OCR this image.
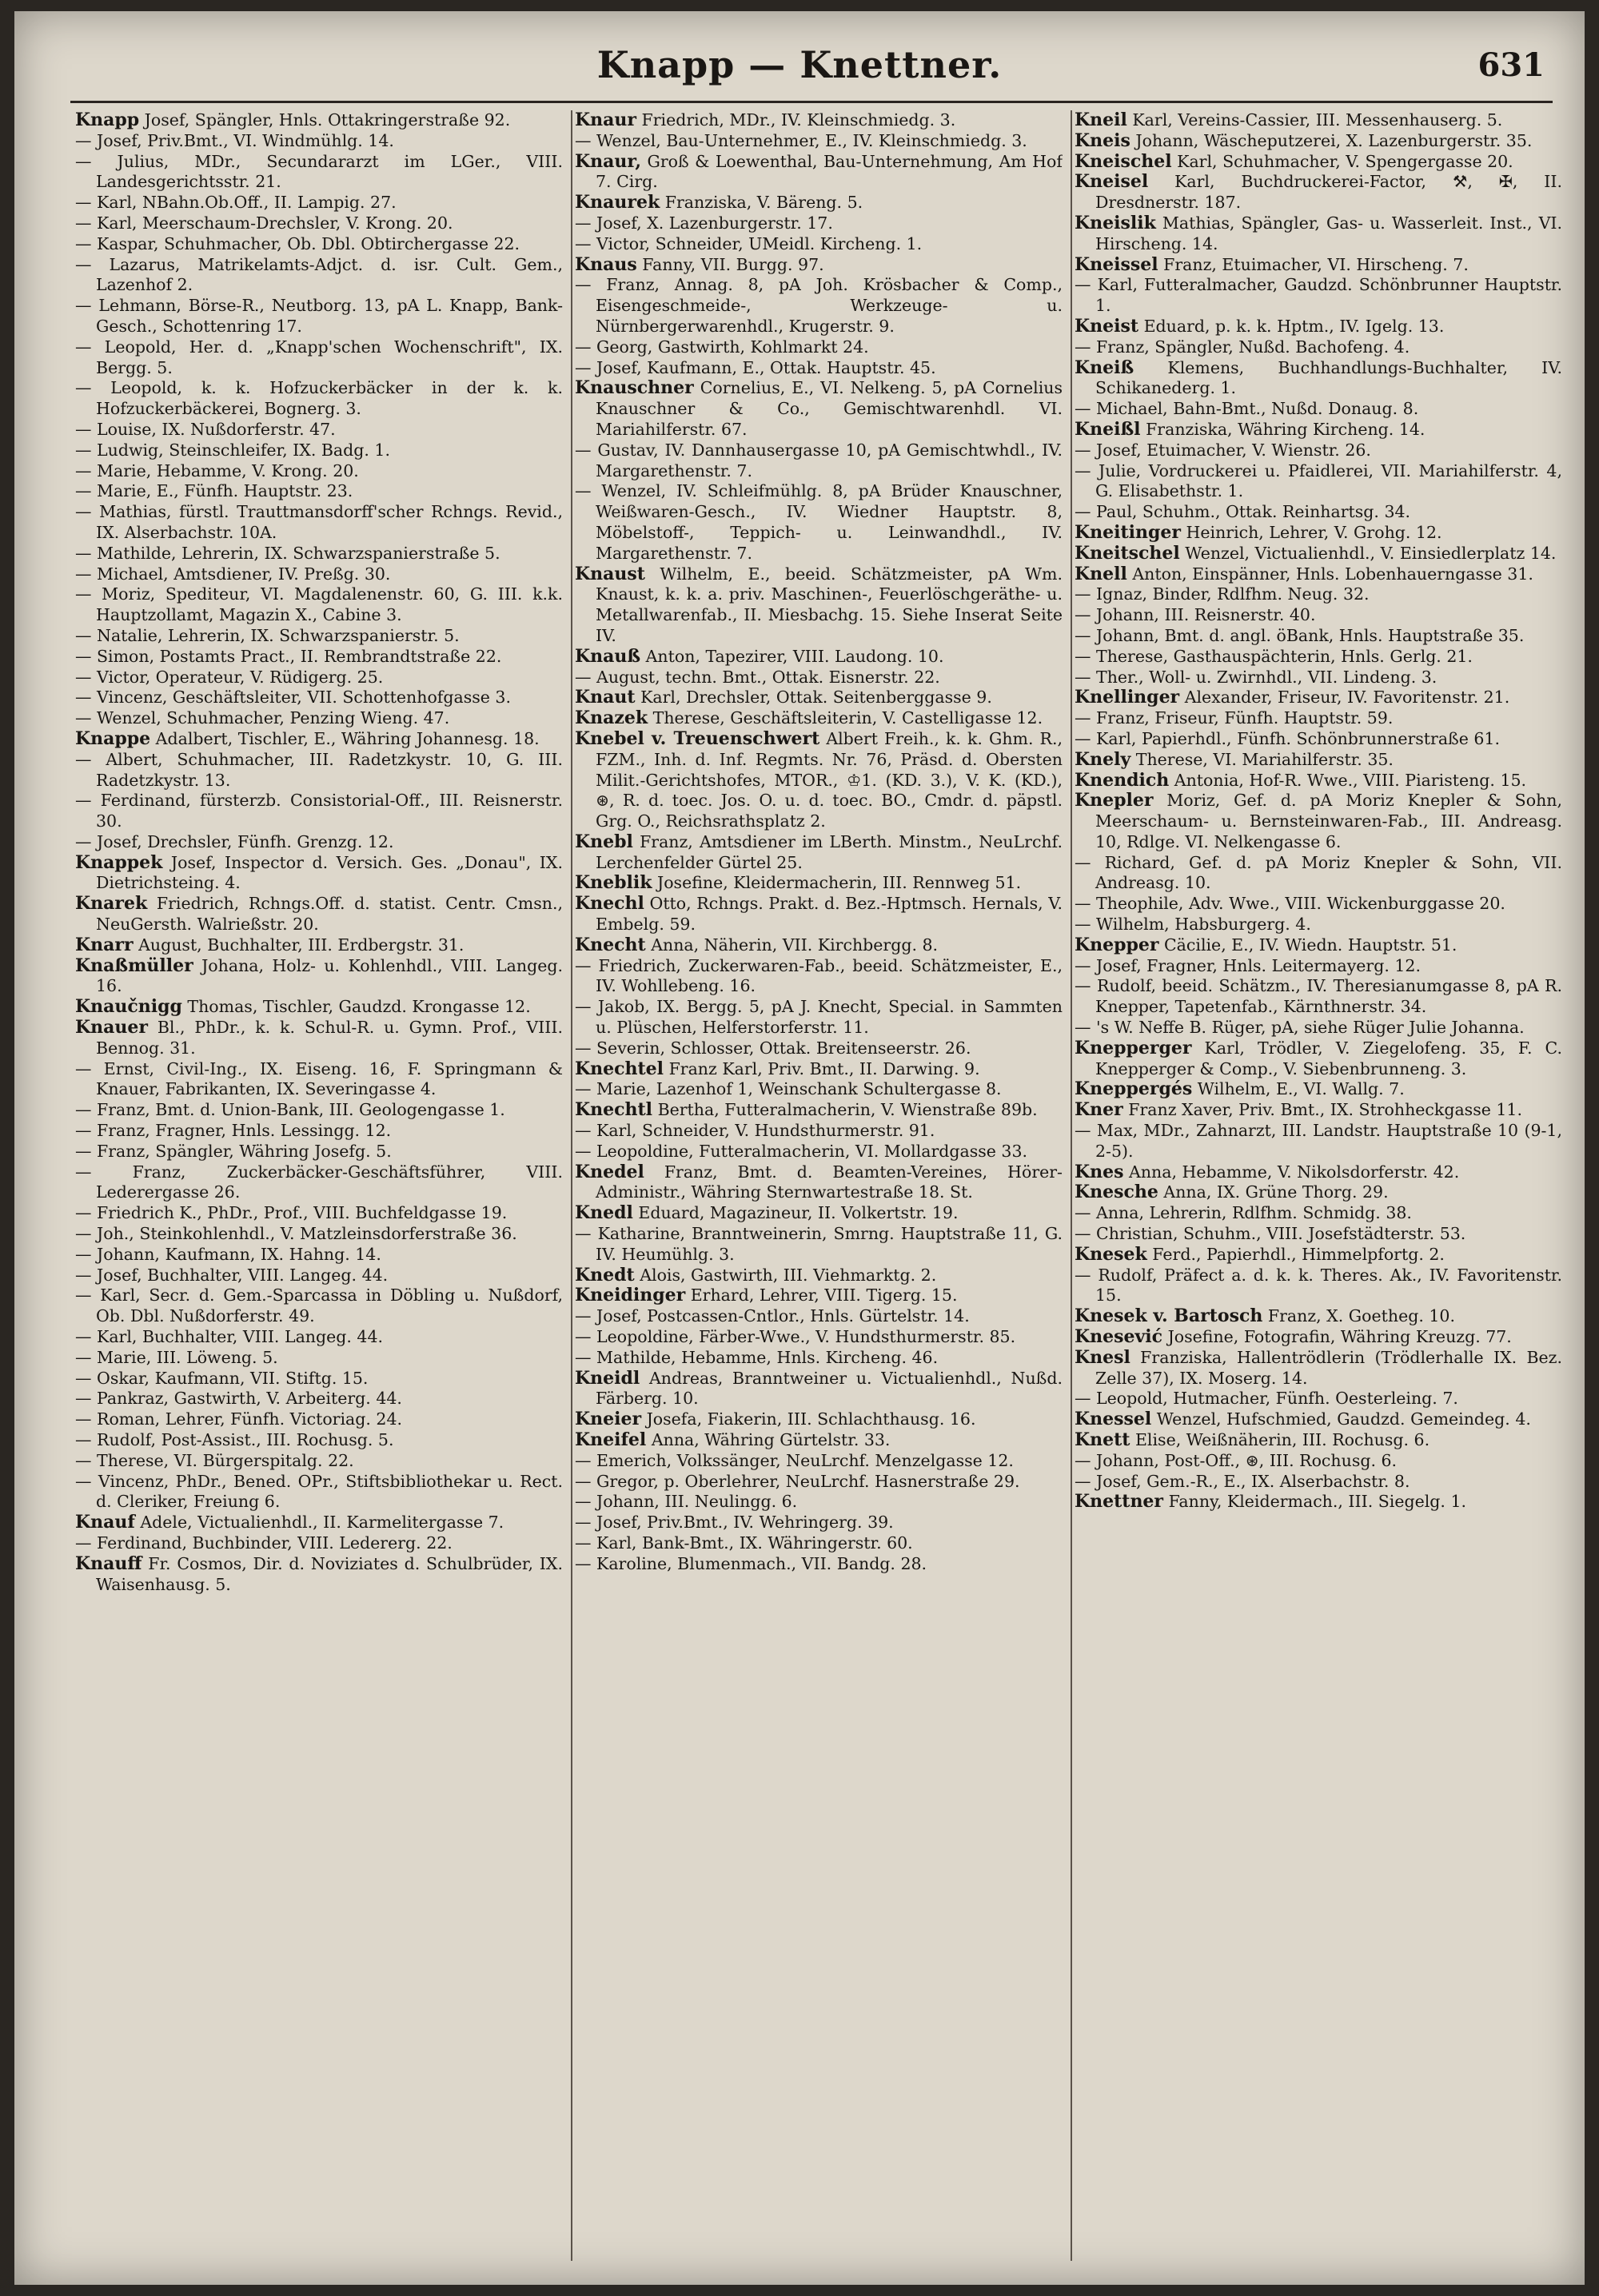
Knapp — Knettner.	631

Knapp Josef, Spängler, Hnls. Ottakringerstraße 92.

— Josef, Priv.Bmt., VI. Windmühlg. 14.

— Julius, MDr., Secundararzt im LGer., VIII. Landesgerichtsstr. 21.

— Karl, NBahn.Ob.Off., II. Lampig. 27.

— Karl, Meerschaum-Drechsler, V. Krong. 20.

— Kaspar, Schuhmacher, Ob. Dbl. Obtirchergasse 22.

— Lazarus, Matrikelamts-Adjct. d. isr. Cult. Gem., Lazenhof 2.

— Lehmann, Börse-R., Neutborg. 13, pA L. Knapp, Bank-Gesch., Schottenring 17.

— Leopold, Her. d. „Knapp'schen Wochenschrift", IX. Bergg. 5.

— Leopold, k. k. Hofzuckerbäcker in der k. k. Hofzuckerbäckerei, Bognerg. 3.

— Louise, IX. Nußdorferstr. 47.

— Ludwig, Steinschleifer, IX. Badg. 1.

— Marie, Hebamme, V. Krong. 20.

— Marie, E., Fünfh. Hauptstr. 23.

— Mathias, fürstl. Trauttmansdorff'scher Rchngs. Revid., IX. Alserbachstr. 10A.

— Mathilde, Lehrerin, IX. Schwarzspanierstraße 5.

— Michael, Amtsdiener, IV. Preßg. 30.

— Moriz, Spediteur, VI. Magdalenenstr. 60, G. III. k.k. Hauptzollamt, Magazin X., Cabine 3.

— Natalie, Lehrerin, IX. Schwarzspanierstr. 5.

— Simon, Postamts Pract., II. Rembrandtstraße 22.

— Victor, Operateur, V. Rüdigerg. 25.

— Vincenz, Geschäftsleiter, VII. Schottenhofgasse 3.

— Wenzel, Schuhmacher, Penzing Wieng. 47.

Knappe Adalbert, Tischler, E., Währing Johannesg. 18.

— Albert, Schuhmacher, III. Radetzkystr. 10, G. III. Radetzkystr. 13.

— Ferdinand, fürsterzb. Consistorial-Off., III. Reisnerstr. 30.

— Josef, Drechsler, Fünfh. Grenzg. 12.

Knappek Josef, Inspector d. Versich. Ges. „Donau", IX. Dietrichsteing. 4.

Knarek Friedrich, Rchngs.Off. d. statist. Centr. Cmsn., NeuGersth. Walrießstr. 20.

Knarr August, Buchhalter, III. Erdbergstr. 31.

Knaßmüller Johana, Holz- u. Kohlenhdl., VIII. Langeg. 16.

Knaučnigg Thomas, Tischler, Gaudzd. Krongasse 12.

Knauer Bl., PhDr., k. k. Schul-R. u. Gymn. Prof., VIII. Bennog. 31.

— Ernst, Civil-Ing., IX. Eiseng. 16, F. Springmann & Knauer, Fabrikanten, IX. Severingasse 4.

— Franz, Bmt. d. Union-Bank, III. Geologengasse 1.

— Franz, Fragner, Hnls. Lessingg. 12.

— Franz, Spängler, Währing Josefg. 5.

— Franz, Zuckerbäcker-Geschäftsführer, VIII. Lederergasse 26.

— Friedrich K., PhDr., Prof., VIII. Buchfeldgasse 19.

— Joh., Steinkohlenhdl., V. Matzleinsdorferstraße 36.

— Johann, Kaufmann, IX. Hahng. 14.

— Josef, Buchhalter, VIII. Langeg. 44.

— Karl, Secr. d. Gem.-Sparcassa in Döbling u. Nußdorf, Ob. Dbl. Nußdorferstr. 49.

— Karl, Buchhalter, VIII. Langeg. 44.

— Marie, III. Löweng. 5.

— Oskar, Kaufmann, VII. Stiftg. 15.

— Pankraz, Gastwirth, V. Arbeiterg. 44.

— Roman, Lehrer, Fünfh. Victoriag. 24.

— Rudolf, Post-Assist., III. Rochusg. 5.

— Therese, VI. Bürgerspitalg. 22.

— Vincenz, PhDr., Bened. OPr., Stiftsbibliothekar u. Rect. d. Cleriker, Freiung 6.

Knauf Adele, Victualienhdl., II. Karmelitergasse 7.

— Ferdinand, Buchbinder, VIII. Ledererg. 22.

Knauff Fr. Cosmos, Dir. d. Noviziates d. Schulbrüder, IX. Waisenhausg. 5.

Knaur Friedrich, MDr., IV. Kleinschmiedg. 3.

— Wenzel, Bau-Unternehmer, E., IV. Kleinschmiedg. 3.

Knaur, Groß & Loewenthal, Bau-Unternehmung, Am Hof 7. Cirg.

Knaurek Franziska, V. Bäreng. 5.

— Josef, X. Lazenburgerstr. 17.

— Victor, Schneider, UMeidl. Kircheng. 1.

Knaus Fanny, VII. Burgg. 97.

— Franz, Annag. 8, pA Joh. Krösbacher & Comp., Eisengeschmeide-, Werkzeuge- u. Nürnbergerwarenhdl., Krugerstr. 9.

— Georg, Gastwirth, Kohlmarkt 24.

— Josef, Kaufmann, E., Ottak. Hauptstr. 45.

Knauschner Cornelius, E., VI. Nelkeng. 5, pA Cornelius Knauschner & Co., Gemischtwarenhdl. VI. Mariahilferstr. 67.

— Gustav, IV. Dannhausergasse 10, pA Gemischtwhdl., IV. Margarethenstr. 7.

— Wenzel, IV. Schleifmühlg. 8, pA Brüder Knauschner, Weißwaren-Gesch., IV. Wiedner Hauptstr. 8, Möbelstoff-, Teppich- u. Leinwandhdl., IV. Margarethenstr. 7.

Knaust Wilhelm, E., beeid. Schätzmeister, pA Wm. Knaust, k. k. a. priv. Maschinen-, Feuerlöschgeräthe- u. Metallwarenfab., II. Miesbachg. 15. Siehe Inserat Seite IV.

Knauß Anton, Tapezirer, VIII. Laudong. 10.

— August, techn. Bmt., Ottak. Eisnerstr. 22.

Knaut Karl, Drechsler, Ottak. Seitenberggasse 9.

Knazek Therese, Geschäftsleiterin, V. Castelligasse 12.

Knebel v. Treuenschwert Albert Freih., k. k. Ghm. R., FZM., Inh. d. Inf. Regmts. Nr. 76, Präsd. d. Obersten Milit.-Gerichtshofes, MTOR., ♔1. (KD. 3.), V. K. (KD.), ⊛, R. d. toec. Jos. O. u. d. toec. BO., Cmdr. d. päpstl. Grg. O., Reichsrathsplatz 2.

Knebl Franz, Amtsdiener im LBerth. Minstm., NeuLrchf. Lerchenfelder Gürtel 25.

Kneblik Josefine, Kleidermacherin, III. Rennweg 51.

Knechl Otto, Rchngs. Prakt. d. Bez.-Hptmsch. Hernals, V. Embelg. 59.

Knecht Anna, Näherin, VII. Kirchbergg. 8.

— Friedrich, Zuckerwaren-Fab., beeid. Schätzmeister, E., IV. Wohllebeng. 16.

— Jakob, IX. Bergg. 5, pA J. Knecht, Special. in Sammten u. Plüschen, Helferstorferstr. 11.

— Severin, Schlosser, Ottak. Breitenseerstr. 26.

Knechtel Franz Karl, Priv. Bmt., II. Darwing. 9.

— Marie, Lazenhof 1, Weinschank Schultergasse 8.

Knechtl Bertha, Futteralmacherin, V. Wienstraße 89b.

— Karl, Schneider, V. Hundsthurmerstr. 91.

— Leopoldine, Futteralmacherin, VI. Mollardgasse 33.

Knedel Franz, Bmt. d. Beamten-Vereines, Hörer-Administr., Währing Sternwartestraße 18. St.

Knedl Eduard, Magazineur, II. Volkertstr. 19.

— Katharine, Branntweinerin, Smrng. Hauptstraße 11, G. IV. Heumühlg. 3.

Knedt Alois, Gastwirth, III. Viehmarktg. 2.

Kneidinger Erhard, Lehrer, VIII. Tigerg. 15.

— Josef, Postcassen-Cntlor., Hnls. Gürtelstr. 14.

— Leopoldine, Färber-Wwe., V. Hundsthurmerstr. 85.

— Mathilde, Hebamme, Hnls. Kircheng. 46.

Kneidl Andreas, Branntweiner u. Victualienhdl., Nußd. Färberg. 10.

Kneier Josefa, Fiakerin, III. Schlachthausg. 16.

Kneifel Anna, Währing Gürtelstr. 33.

— Emerich, Volkssänger, NeuLrchf. Menzelgasse 12.

— Gregor, p. Oberlehrer, NeuLrchf. Hasnerstraße 29.

— Johann, III. Neulingg. 6.

— Josef, Priv.Bmt., IV. Wehringerg. 39.

— Karl, Bank-Bmt., IX. Währingerstr. 60.

— Karoline, Blumenmach., VII. Bandg. 28.

Kneil Karl, Vereins-Cassier, III. Messenhauserg. 5.

Kneis Johann, Wäscheputzerei, X. Lazenburgerstr. 35.

Kneischel Karl, Schuhmacher, V. Spengergasse 20.

Kneisel Karl, Buchdruckerei-Factor, ⚒, ✠, II. Dresdnerstr. 187.

Kneislik Mathias, Spängler, Gas- u. Wasserleit. Inst., VI. Hirscheng. 14.

Kneissel Franz, Etuimacher, VI. Hirscheng. 7.

— Karl, Futteralmacher, Gaudzd. Schönbrunner Hauptstr. 1.

Kneist Eduard, p. k. k. Hptm., IV. Igelg. 13.

— Franz, Spängler, Nußd. Bachofeng. 4.

Kneiß Klemens, Buchhandlungs-Buchhalter, IV. Schikanederg. 1.

— Michael, Bahn-Bmt., Nußd. Donaug. 8.

Kneißl Franziska, Währing Kircheng. 14.

— Josef, Etuimacher, V. Wienstr. 26.

— Julie, Vordruckerei u. Pfaidlerei, VII. Mariahilferstr. 4, G. Elisabethstr. 1.

— Paul, Schuhm., Ottak. Reinhartsg. 34.

Kneitinger Heinrich, Lehrer, V. Grohg. 12.

Kneitschel Wenzel, Victualienhdl., V. Einsiedlerplatz 14.

Knell Anton, Einspänner, Hnls. Lobenhauerngasse 31.

— Ignaz, Binder, Rdlfhm. Neug. 32.

— Johann, III. Reisnerstr. 40.

— Johann, Bmt. d. angl. öBank, Hnls. Hauptstraße 35.

— Therese, Gasthauspächterin, Hnls. Gerlg. 21.

— Ther., Woll- u. Zwirnhdl., VII. Lindeng. 3.

Knellinger Alexander, Friseur, IV. Favoritenstr. 21.

— Franz, Friseur, Fünfh. Hauptstr. 59.

— Karl, Papierhdl., Fünfh. Schönbrunnerstraße 61.

Knely Therese, VI. Mariahilferstr. 35.

Knendich Antonia, Hof-R. Wwe., VIII. Piaristeng. 15.

Knepler Moriz, Gef. d. pA Moriz Knepler & Sohn, Meerschaum- u. Bernsteinwaren-Fab., III. Andreasg. 10, Rdlge. VI. Nelkengasse 6.

— Richard, Gef. d. pA Moriz Knepler & Sohn, VII. Andreasg. 10.

— Theophile, Adv. Wwe., VIII. Wickenburggasse 20.

— Wilhelm, Habsburgerg. 4.

Knepper Cäcilie, E., IV. Wiedn. Hauptstr. 51.

— Josef, Fragner, Hnls. Leitermayerg. 12.

— Rudolf, beeid. Schätzm., IV. Theresianumgasse 8, pA R. Knepper, Tapetenfab., Kärnthnerstr. 34.

— 's W. Neffe B. Rüger, pA, siehe Rüger Julie Johanna.

Knepperger Karl, Trödler, V. Ziegelofeng. 35, F. C. Knepperger & Comp., V. Siebenbrunneng. 3.

Kneppergés Wilhelm, E., VI. Wallg. 7.

Kner Franz Xaver, Priv. Bmt., IX. Strohheckgasse 11.

— Max, MDr., Zahnarzt, III. Landstr. Hauptstraße 10 (9-1, 2-5).

Knes Anna, Hebamme, V. Nikolsdorferstr. 42.

Knesche Anna, IX. Grüne Thorg. 29.

— Anna, Lehrerin, Rdlfhm. Schmidg. 38.

— Christian, Schuhm., VIII. Josefstädterstr. 53.

Knesek Ferd., Papierhdl., Himmelpfortg. 2.

— Rudolf, Präfect a. d. k. k. Theres. Ak., IV. Favoritenstr. 15.

Knesek v. Bartosch Franz, X. Goetheg. 10.

Knesević Josefine, Fotografin, Währing Kreuzg. 77.

Knesl Franziska, Hallentrödlerin (Trödlerhalle IX. Bez. Zelle 37), IX. Moserg. 14.

— Leopold, Hutmacher, Fünfh. Oesterleing. 7.

Knessel Wenzel, Hufschmied, Gaudzd. Gemeindeg. 4.

Knett Elise, Weißnäherin, III. Rochusg. 6.

— Johann, Post-Off., ⊛, III. Rochusg. 6.

— Josef, Gem.-R., E., IX. Alserbachstr. 8.

Knettner Fanny, Kleidermach., III. Siegelg. 1.
